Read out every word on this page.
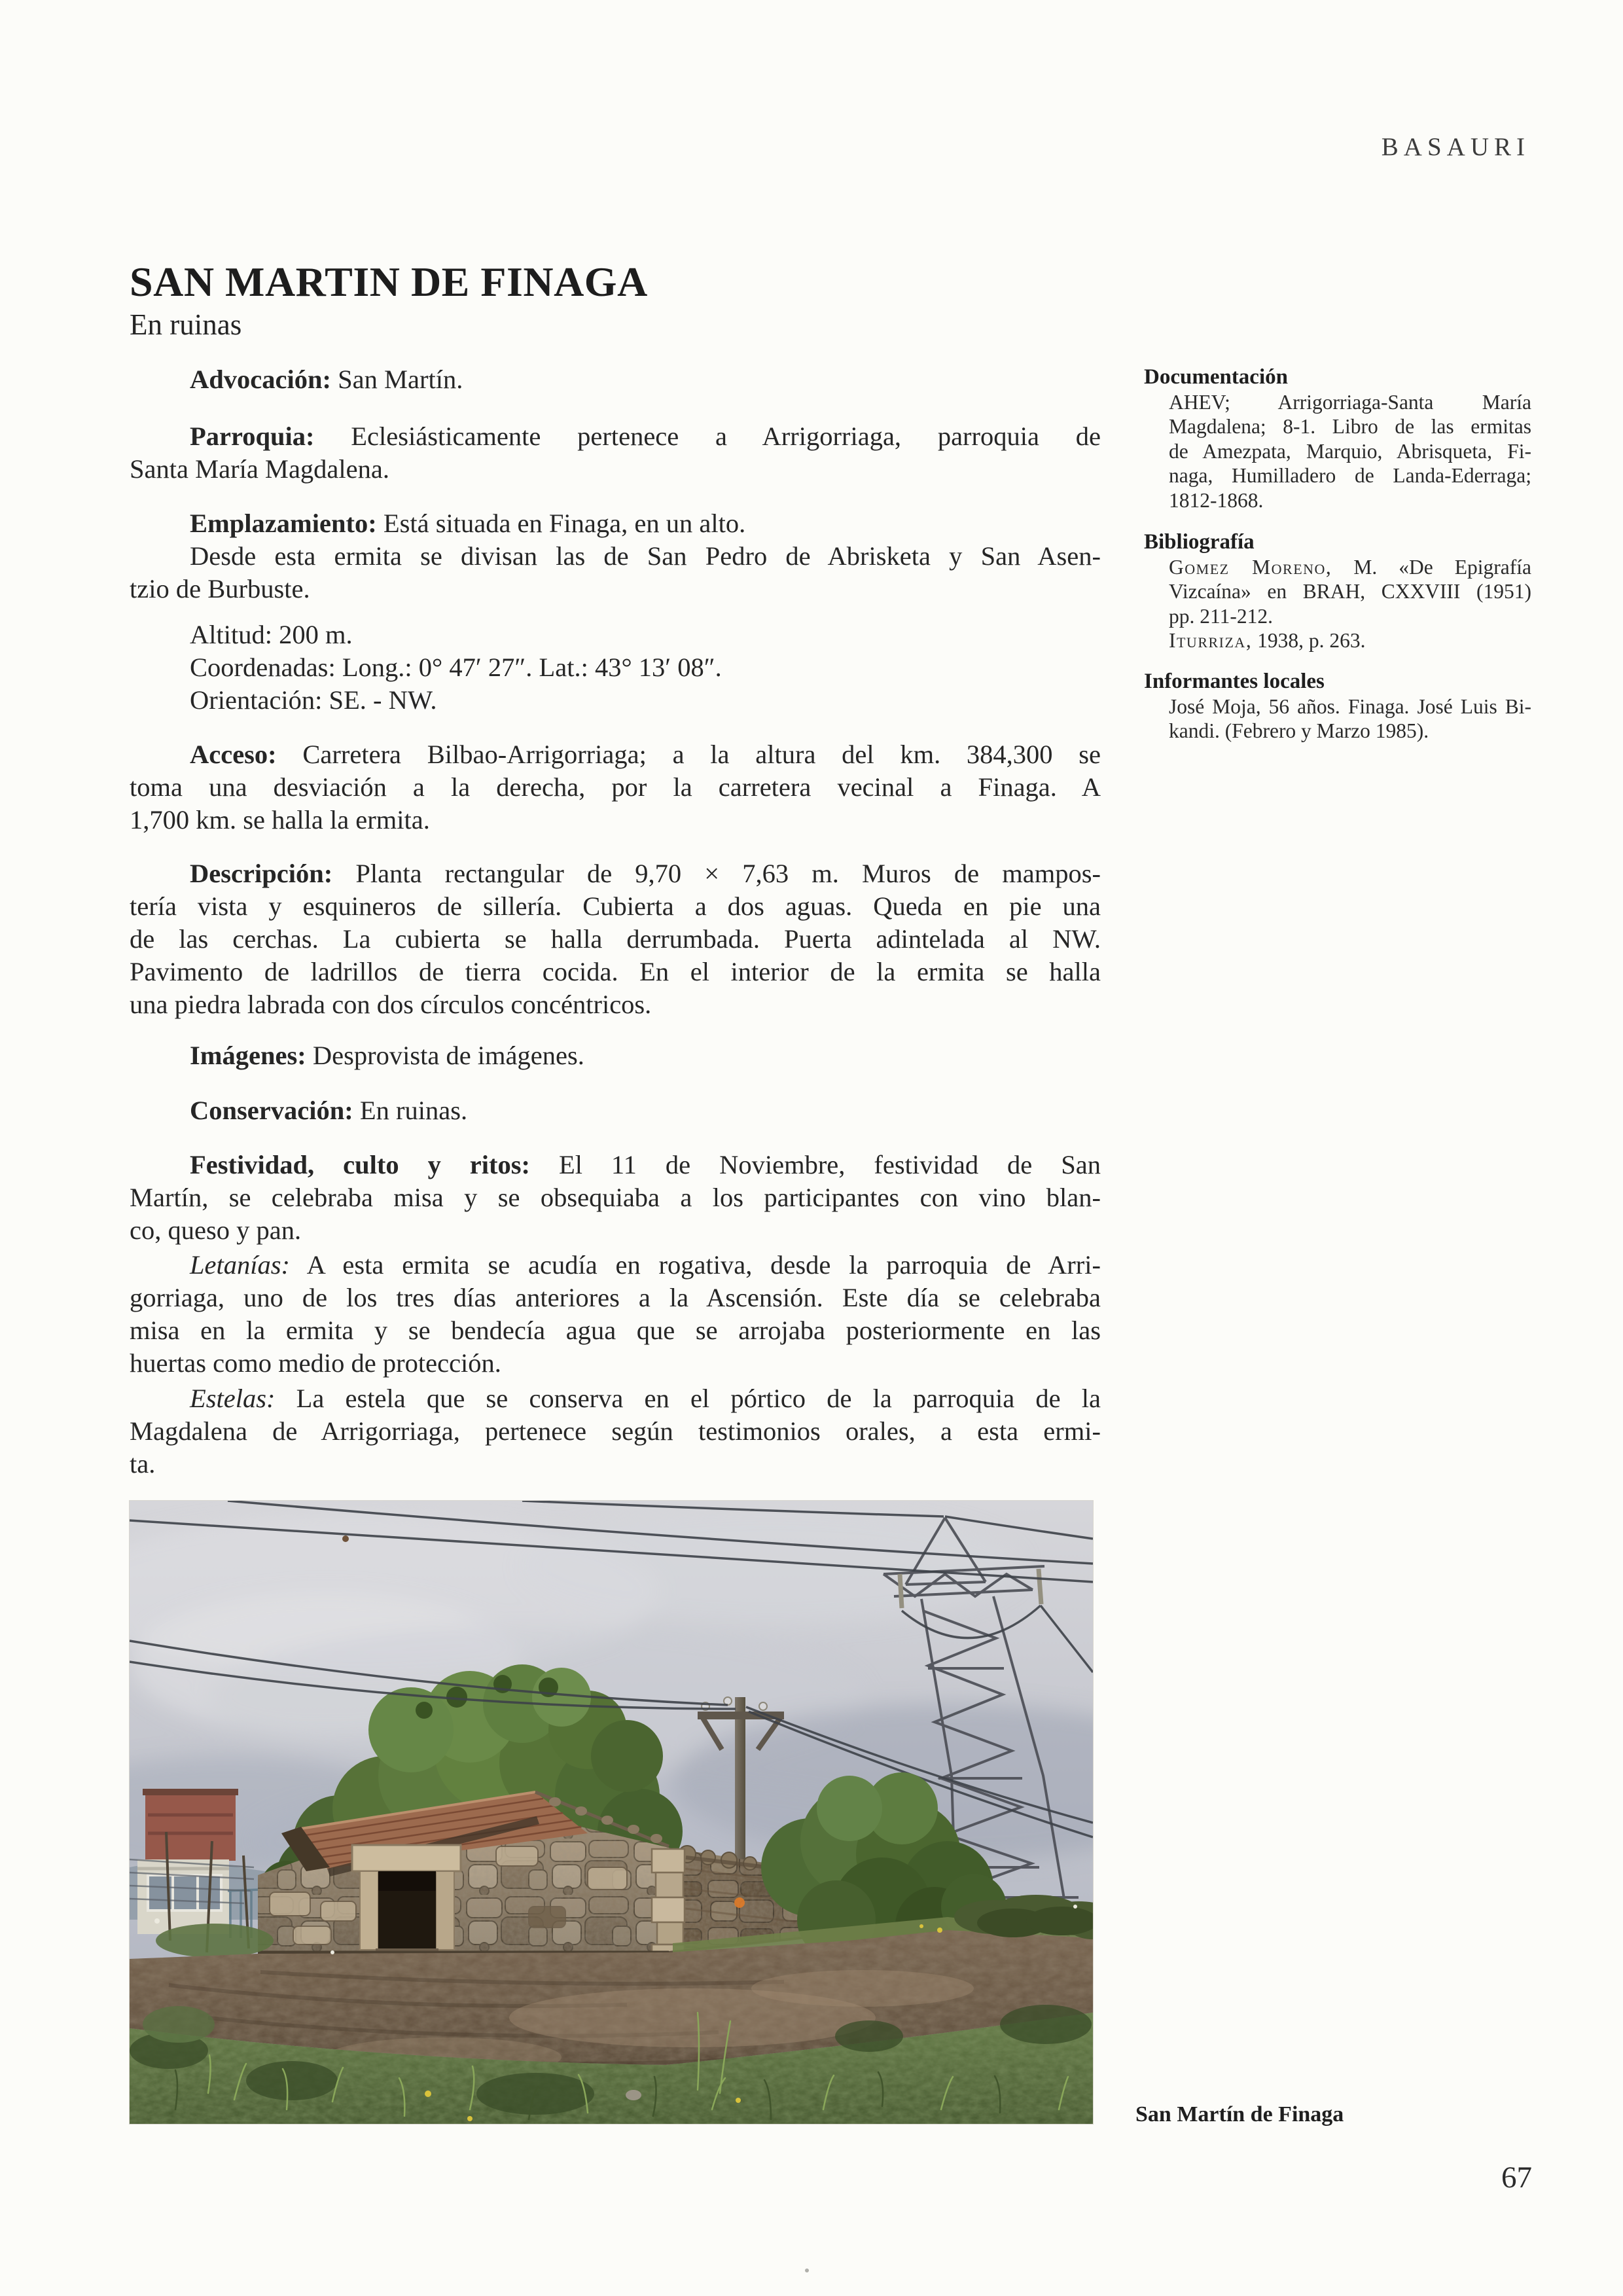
BASAURI
SAN MARTIN DE FINAGA
En ruinas
Advocación: San Martín.
Parroquia: Eclesiásticamente pertenece a Arrigorriaga, parroquia de
Santa María Magdalena.
Emplazamiento: Está situada en Finaga, en un alto.
Desde esta ermita se divisan las de San Pedro de Abrisketa y San Asen-
tzio de Burbuste.
Altitud: 200 m.
Coordenadas: Long.: 0° 47′ 27″. Lat.: 43° 13′ 08″.
Orientación: SE. - NW.
Acceso: Carretera Bilbao-Arrigorriaga; a la altura del km. 384,300 se
toma una desviación a la derecha, por la carretera vecinal a Finaga. A
1,700 km. se halla la ermita.
Descripción: Planta rectangular de 9,70 × 7,63 m. Muros de mampos-
tería vista y esquineros de sillería. Cubierta a dos aguas. Queda en pie una
de las cerchas. La cubierta se halla derrumbada. Puerta adintelada al NW.
Pavimento de ladrillos de tierra cocida. En el interior de la ermita se halla
una piedra labrada con dos círculos concéntricos.
Imágenes: Desprovista de imágenes.
Conservación: En ruinas.
Festividad, culto y ritos: El 11 de Noviembre, festividad de San
Martín, se celebraba misa y se obsequiaba a los participantes con vino blan-
co, queso y pan.
Letanías: A esta ermita se acudía en rogativa, desde la parroquia de Arri-
gorriaga, uno de los tres días anteriores a la Ascensión. Este día se celebraba
misa en la ermita y se bendecía agua que se arrojaba posteriormente en las
huertas como medio de protección.
Estelas: La estela que se conserva en el pórtico de la parroquia de la
Magdalena de Arrigorriaga, pertenece según testimonios orales, a esta ermi-
ta.
Documentación
AHEV; Arrigorriaga-Santa María
Magdalena; 8-1. Libro de las ermitas
de Amezpata, Marquio, Abrisqueta, Fi-
naga, Humilladero de Landa-Ederraga;
1812-1868.
Bibliografía
Gomez Moreno, M. «De Epigrafía
Vizcaína» en BRAH, CXXVIII (1951)
pp. 211-212.
Iturriza, 1938, p. 263.
Informantes locales
José Moja, 56 años. Finaga. José Luis Bi-
kandi. (Febrero y Marzo 1985).
San Martín de Finaga
67
